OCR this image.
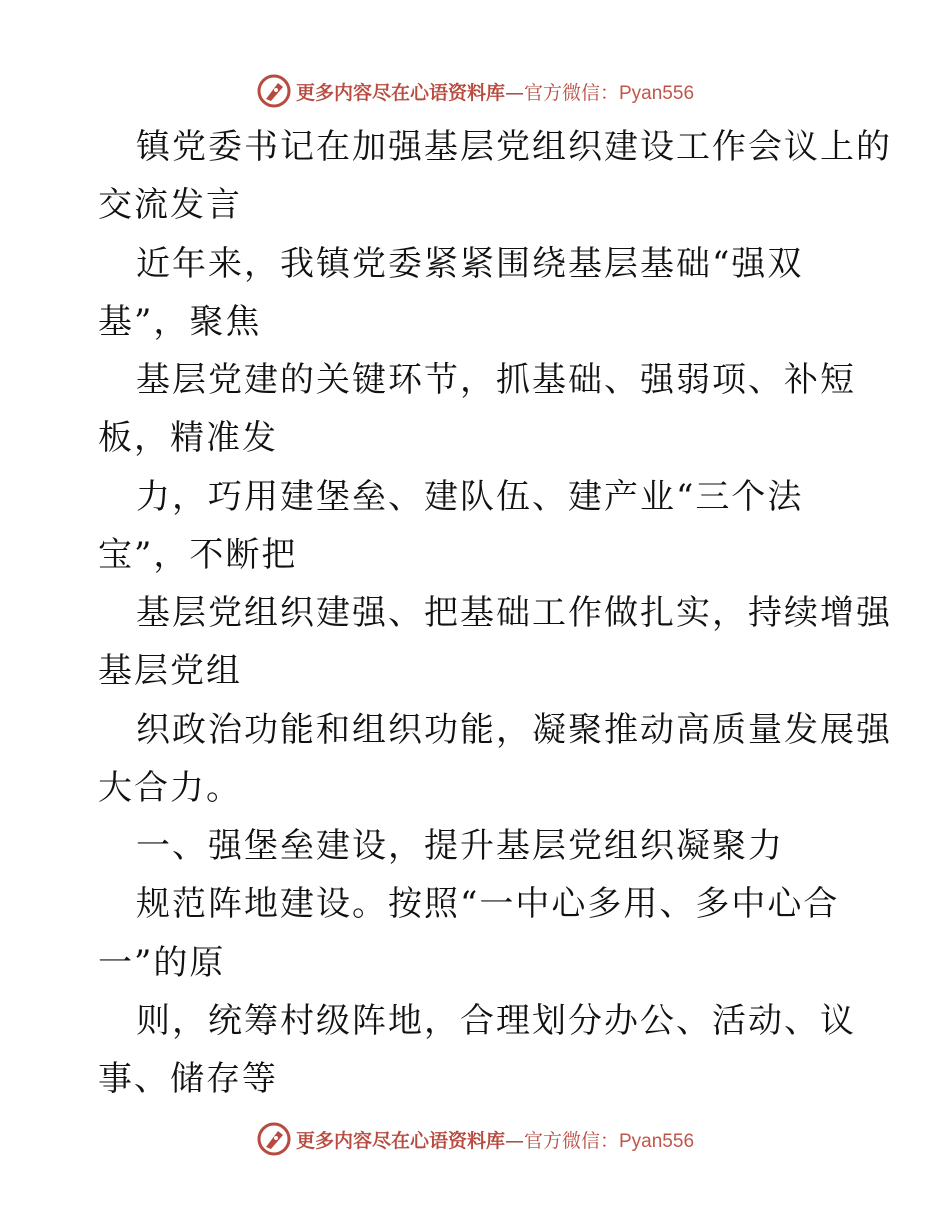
更多内容尽在心语资料库—官方微信：Pyan556
镇党委书记在加强基层党组织建设工作会议上的
交流发言
近年来，我镇党委紧紧围绕基层基础“强双
基”，聚焦
基层党建的关键环节，抓基础、强弱项、补短
板，精准发
力，巧用建堡垒、建队伍、建产业“三个法
宝”，不断把
基层党组织建强、把基础工作做扎实，持续增强
基层党组
织政治功能和组织功能，凝聚推动高质量发展强
大合力。
一、强堡垒建设，提升基层党组织凝聚力
规范阵地建设。按照“一中心多用、多中心合
一”的原
则，统筹村级阵地，合理划分办公、活动、议
事、储存等
更多内容尽在心语资料库—官方微信：Pyan556
